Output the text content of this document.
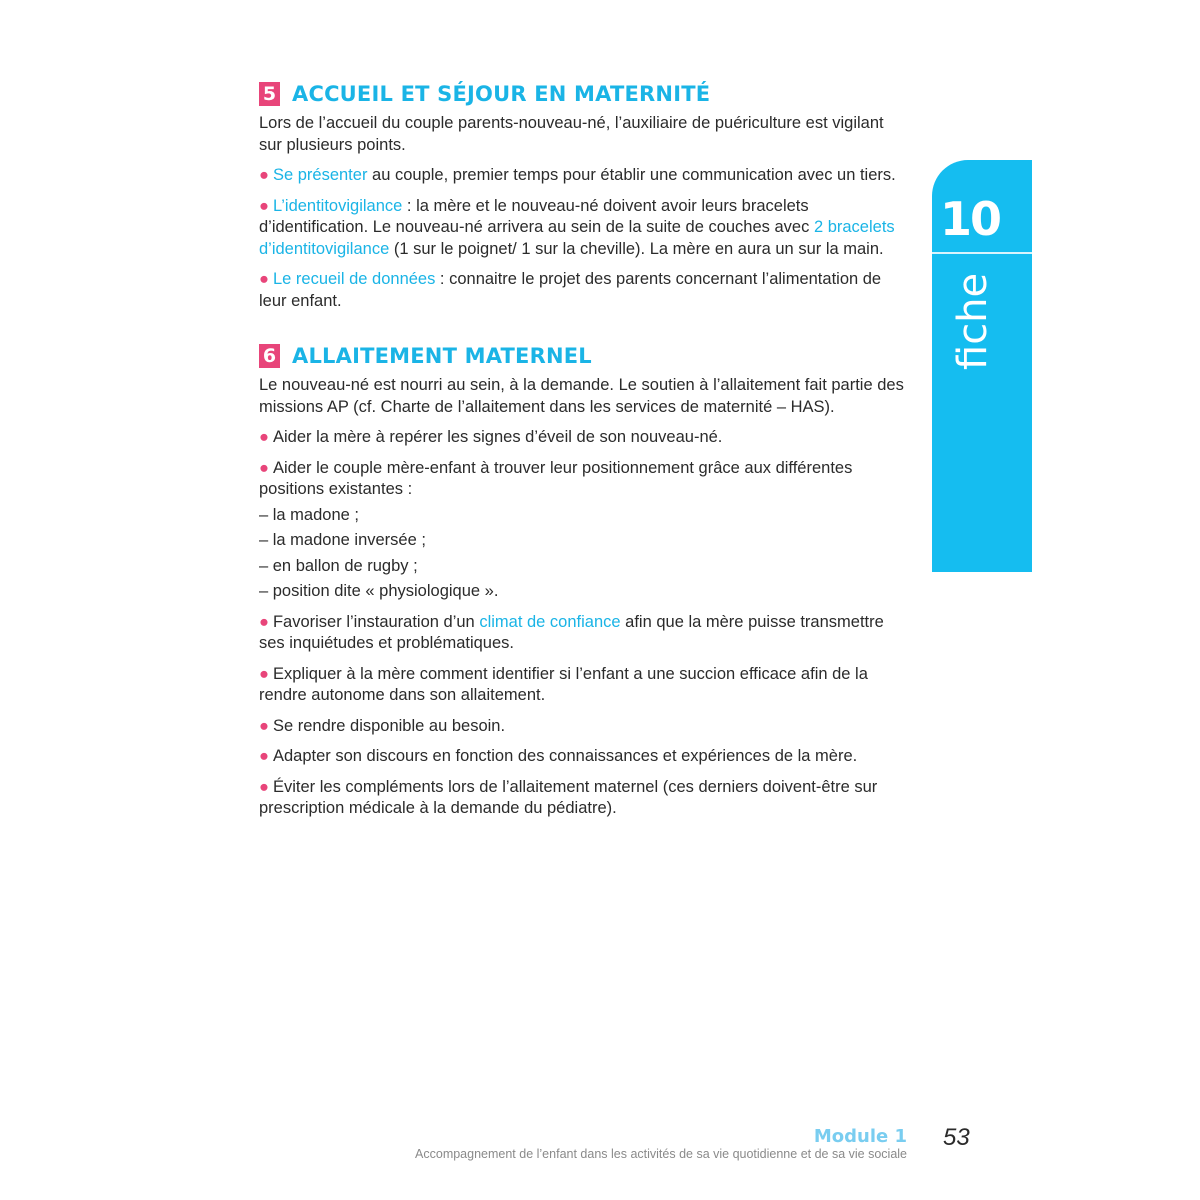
5 ACCUEIL ET SÉJOUR EN MATERNITÉ

Lors de l’accueil du couple parents-nouveau-né, l’auxiliaire de puériculture est vigilant sur plusieurs points.

● Se présenter au couple, premier temps pour établir une communication avec un tiers.

● L’identitovigilance : la mère et le nouveau-né doivent avoir leurs bracelets d’identification. Le nouveau-né arrivera au sein de la suite de couches avec 2 bracelets d’identitovigilance (1 sur le poignet/ 1 sur la cheville). La mère en aura un sur la main.

● Le recueil de données : connaitre le projet des parents concernant l’alimentation de leur enfant.

6 ALLAITEMENT MATERNEL

Le nouveau-né est nourri au sein, à la demande. Le soutien à l’allaitement fait partie des missions AP (cf. Charte de l’allaitement dans les services de maternité – HAS).

● Aider la mère à repérer les signes d’éveil de son nouveau-né.

● Aider le couple mère-enfant à trouver leur positionnement grâce aux différentes positions existantes :

– la madone ;

– la madone inversée ;

– en ballon de rugby ;

– position dite « physiologique ».

● Favoriser l’instauration d’un climat de confiance afin que la mère puisse transmettre ses inquiétudes et problématiques.

● Expliquer à la mère comment identifier si l’enfant a une succion efficace afin de la rendre autonome dans son allaitement.

● Se rendre disponible au besoin.

● Adapter son discours en fonction des connaissances et expériences de la mère.

● Éviter les compléments lors de l’allaitement maternel (ces derniers doivent-être sur prescription médicale à la demande du pédiatre).

10
fiche
Module 1
Accompagnement de l’enfant dans les activités de sa vie quotidienne et de sa vie sociale
53
